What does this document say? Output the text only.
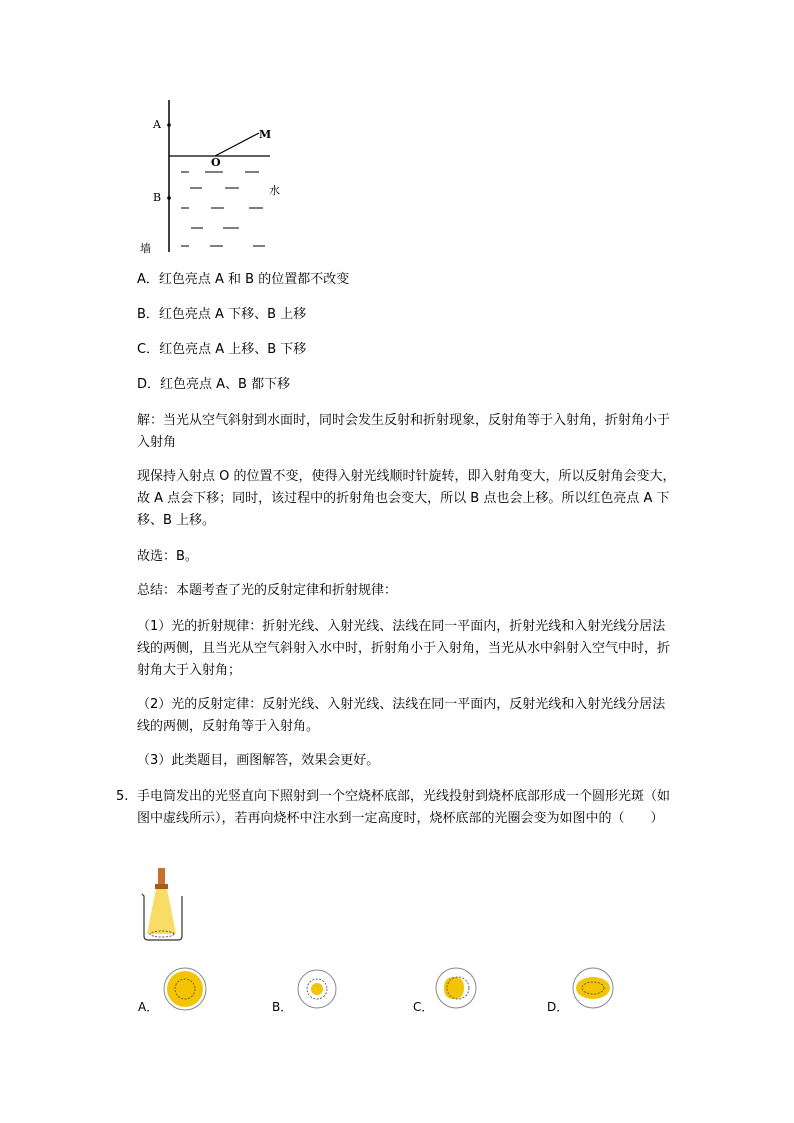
A
B
O
M
水
墙
A．红色亮点 A 和 B 的位置都不改变
B．红色亮点 A 下移、B 上移
C．红色亮点 A 上移、B 下移
D．红色亮点 A、B 都下移
解：当光从空气斜射到水面时，同时会发生反射和折射现象，反射角等于入射角，折射角小于入射角
现保持入射点 O 的位置不变，使得入射光线顺时针旋转，即入射角变大，所以反射角会变大，故 A 点会下移；同时，该过程中的折射角也会变大，所以 B 点也会上移。所以红色亮点 A 下移、B 上移。
故选：B。
总结：本题考查了光的反射定律和折射规律：
（1）光的折射规律：折射光线、入射光线、法线在同一平面内，折射光线和入射光线分居法线的两侧，且当光从空气斜射入水中时，折射角小于入射角，当光从水中斜射入空气中时，折射角大于入射角；
（2）光的反射定律：反射光线、入射光线、法线在同一平面内，反射光线和入射光线分居法线的两侧，反射角等于入射角。
（3）此类题目，画图解答，效果会更好。
5. 手电筒发出的光竖直向下照射到一个空烧杯底部，光线投射到烧杯底部形成一个圆形光斑（如图中虚线所示），若再向烧杯中注水到一定高度时，烧杯底部的光圈会变为如图中的（　　）
A．	B．	C．	D．
